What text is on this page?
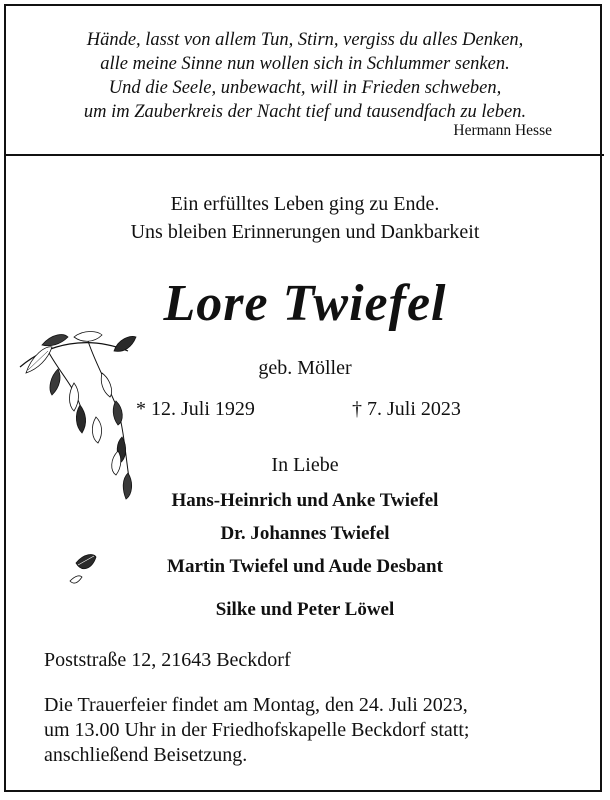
Hände, lasst von allem Tun, Stirn, vergiss du alles Denken,
alle meine Sinne nun wollen sich in Schlummer senken.
Und die Seele, unbewacht, will in Frieden schweben,
um im Zauberkreis der Nacht tief und tausendfach zu leben.
Hermann Hesse
Ein erfülltes Leben ging zu Ende.
Uns bleiben Erinnerungen und Dankbarkeit
Lore Twiefel
geb. Möller
* 12. Juli 1929	† 7. Juli 2023
In Liebe
Hans-Heinrich und Anke Twiefel
Dr. Johannes Twiefel
Martin Twiefel und Aude Desbant
Silke und Peter Löwel
Poststraße 12, 21643 Beckdorf
Die Trauerfeier findet am Montag, den 24. Juli 2023,
um 13.00 Uhr in der Friedhofskapelle Beckdorf statt;
anschließend Beisetzung.
